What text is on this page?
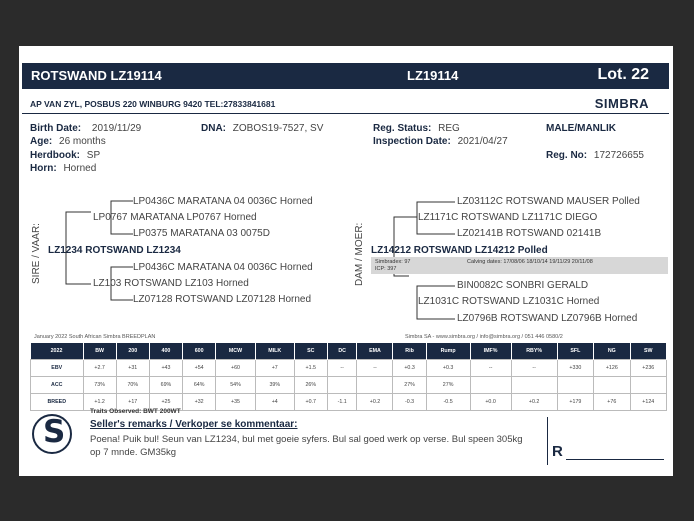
ROTSWAND LZ19114	LZ19114	Lot. 22
AP VAN ZYL, POSBUS 220 WINBURG 9420 TEL:27833841681	SIMBRA
Birth Date: 2019/11/29	DNA: ZOBOS19-7527, SV	Reg. Status: REG	MALE/MANLIK
Age: 26 months	Inspection Date: 2021/04/27
Herdbook: SP	Reg. No: 172726655
Horn: Horned
SIRE / VAAR:
LP0436C MARATANA 04 0036C Horned
LP0767 MARATANA LP0767 Horned
LP0375 MARATANA 03 0075D
LZ1234 ROTSWAND LZ1234
LP0436C MARATANA 04 0036C Horned
LZ103 ROTSWAND LZ103 Horned
LZ07128 ROTSWAND LZ07128 Horned
DAM / MOER:
LZ03112C ROTSWAND MAUSER Polled
LZ1171C ROTSWAND LZ1171C DIEGO
LZ02141B ROTSWAND 02141B
LZ14212 ROTSWAND LZ14212 Polled
Simbradex: 97
ICP: 397
Calving dates: 17/08/06 18/10/14 19/11/29 20/11/08
BIN0082C SONBRI GERALD
LZ1031C ROTSWAND LZ1031C Horned
LZ0796B ROTSWAND LZ0796B Horned
January 2022 South African Simbra BREEDPLAN	Simbra SA - www.simbra.org / info@simbra.org / 051 446 0580/2
2022	BW	200	400	600	MCW	MILK	SC	DC	EMA	Rib	Rump	IMF%	RBY%	SFL	NG	SW
EBV	+2.7	+31	+43	+54	+60	+7	+1.5	--	--	+0.3	+0.3	--	--	+330	+126	+236
ACC	73%	70%	69%	64%	54%	39%	26%			27%	27%					
BREED	+1.2	+17	+25	+32	+35	+4	+0.7	-1.1	+0.2	-0.3	-0.5	+0.0	+0.2	+179	+76	+124
S
Traits Observed: BWT 200WT
Seller's remarks / Verkoper se kommentaar:
Poena! Puik bul! Seun van LZ1234, bul met goeie syfers. Bul sal goed werk op verse. Bul speen 305kg op 7 mnde. GM35kg	R
